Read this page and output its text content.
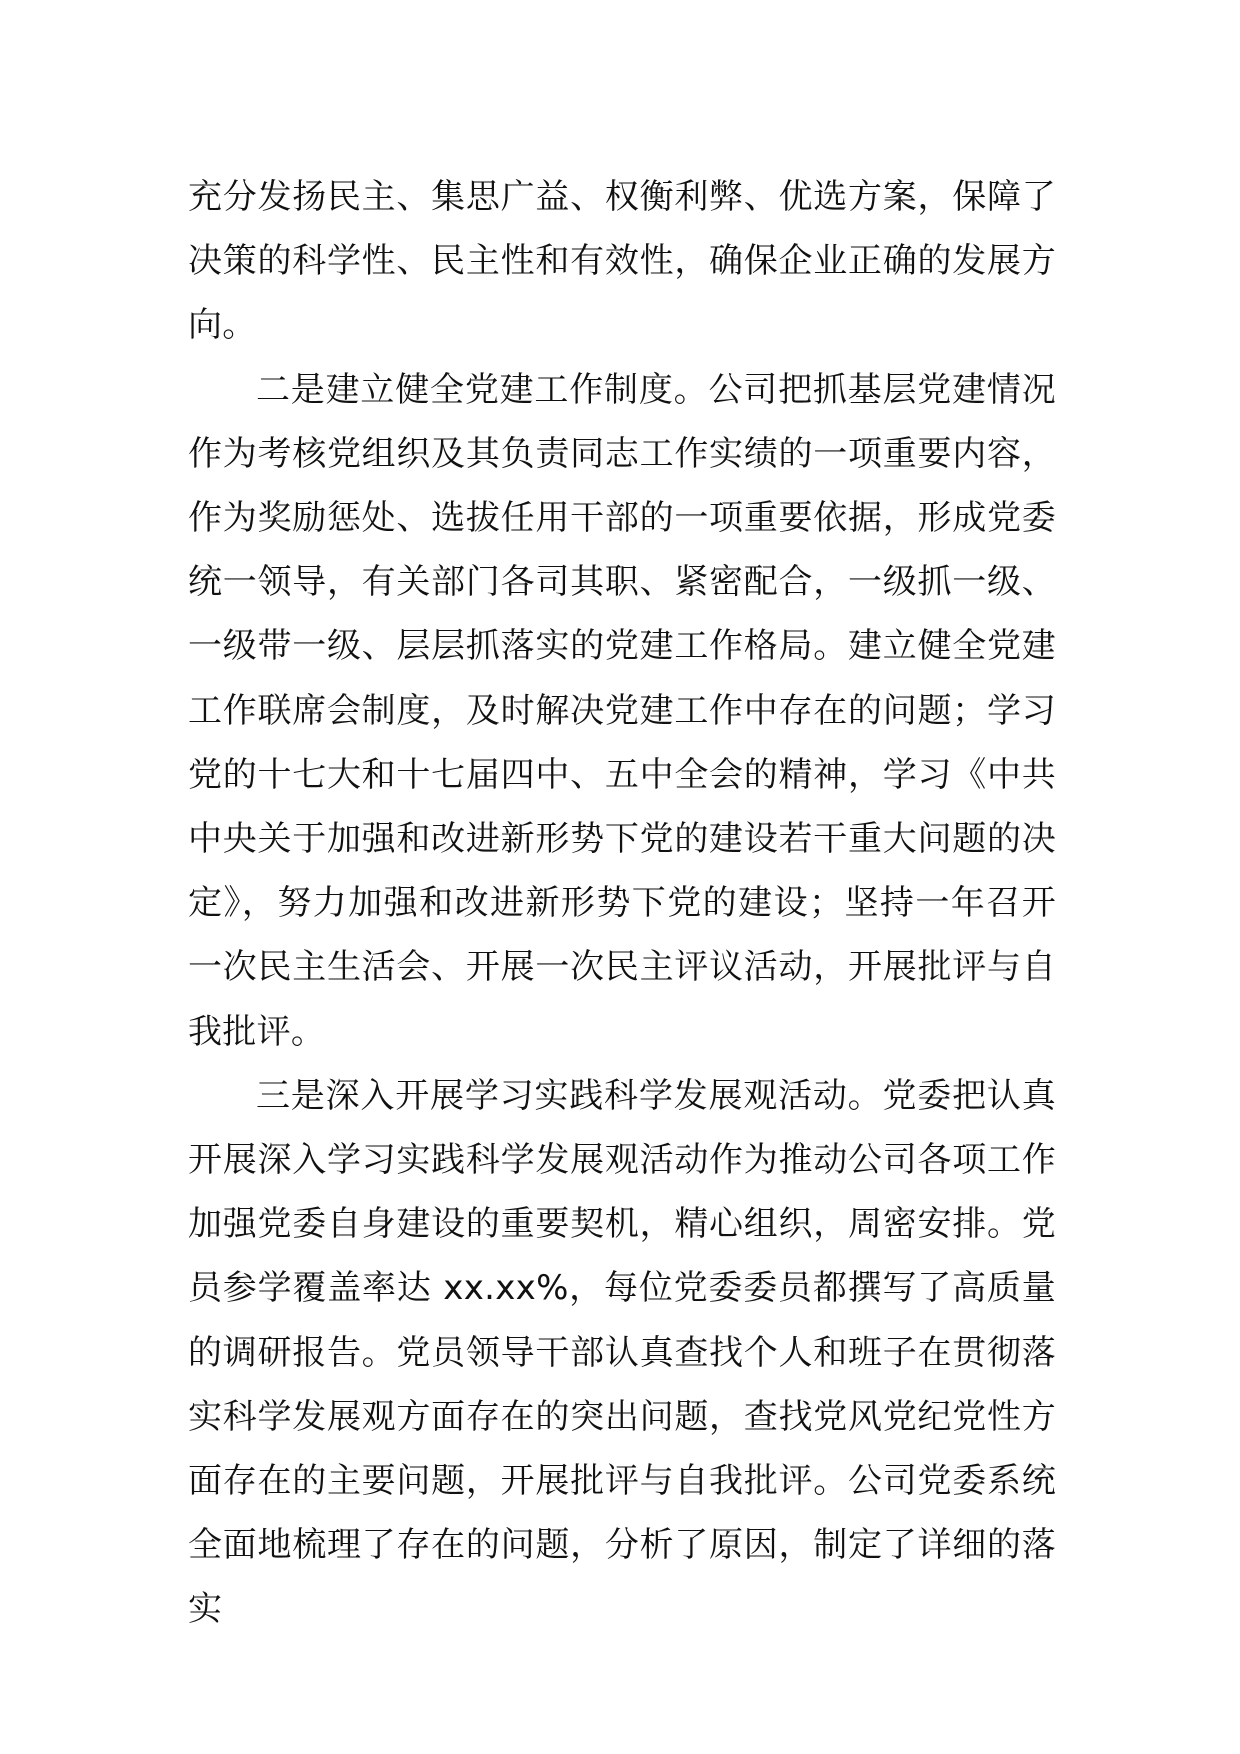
充分发扬民主、集思广益、权衡利弊、优选方案，保障了决策的科学性、民主性和有效性，确保企业正确的发展方向。

二是建立健全党建工作制度。公司把抓基层党建情况作为考核党组织及其负责同志工作实绩的一项重要内容，作为奖励惩处、选拔任用干部的一项重要依据，形成党委统一领导，有关部门各司其职、紧密配合，一级抓一级、一级带一级、层层抓落实的党建工作格局。建立健全党建工作联席会制度，及时解决党建工作中存在的问题；学习党的十七大和十七届四中、五中全会的精神，学习《中共中央关于加强和改进新形势下党的建设若干重大问题的决定》，努力加强和改进新形势下党的建设；坚持一年召开一次民主生活会、开展一次民主评议活动，开展批评与自我批评。

三是深入开展学习实践科学发展观活动。党委把认真开展深入学习实践科学发展观活动作为推动公司各项工作加强党委自身建设的重要契机，精心组织，周密安排。党员参学覆盖率达 xx.xx%，每位党委委员都撰写了高质量的调研报告。党员领导干部认真查找个人和班子在贯彻落实科学发展观方面存在的突出问题，查找党风党纪党性方面存在的主要问题，开展批评与自我批评。公司党委系统全面地梳理了存在的问题，分析了原因，制定了详细的落实
